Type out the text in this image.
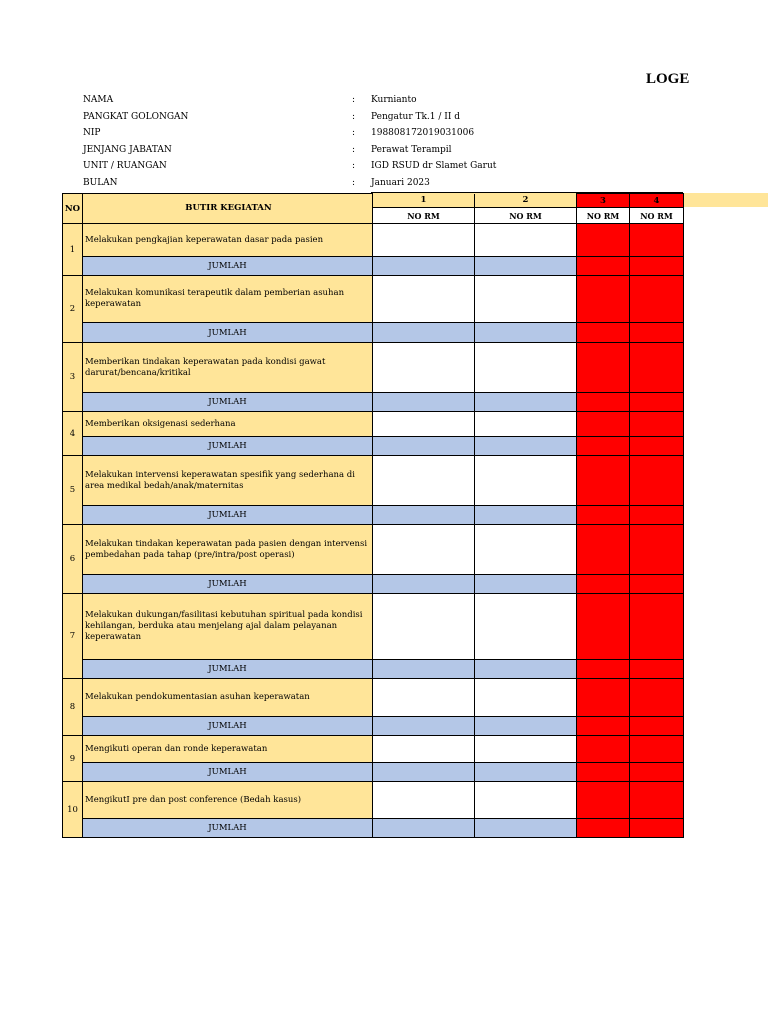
LOGE
NAMA	: Kurnianto
PANGKAT GOLONGAN	: Pengatur Tk.1 / II d
NIP	: 198808172019031006
JENJANG JABATAN	: Perawat Terampil
UNIT / RUANGAN	: IGD RSUD dr Slamet Garut
BULAN	: Januari 2023
NO	BUTIR KEGIATAN	1	2	3	4
		NO RM	NO RM	NO RM	NO RM
1	Melakukan pengkajian keperawatan dasar pada pasien				
	JUMLAH				
2	Melakukan komunikasi terapeutik dalam pemberian asuhan keperawatan				
	JUMLAH				
3	Memberikan tindakan keperawatan pada kondisi gawat darurat/bencana/kritikal				
	JUMLAH				
4	Memberikan oksigenasi sederhana				
	JUMLAH				
5	Melakukan intervensi keperawatan spesifik yang sederhana di area medikal bedah/anak/maternitas				
	JUMLAH				
6	Melakukan tindakan keperawatan pada pasien dengan intervensi pembedahan pada tahap (pre/intra/post operasi)				
	JUMLAH				
7	Melakukan dukungan/fasilitasi kebutuhan spiritual pada kondisi kehilangan, berduka atau menjelang ajal dalam pelayanan keperawatan				
	JUMLAH				
8	Melakukan pendokumentasian asuhan keperawatan				
	JUMLAH				
9	Mengikuti operan dan ronde keperawatan				
	JUMLAH				
10	MengikutI pre dan post conference (Bedah kasus)				
	JUMLAH				
